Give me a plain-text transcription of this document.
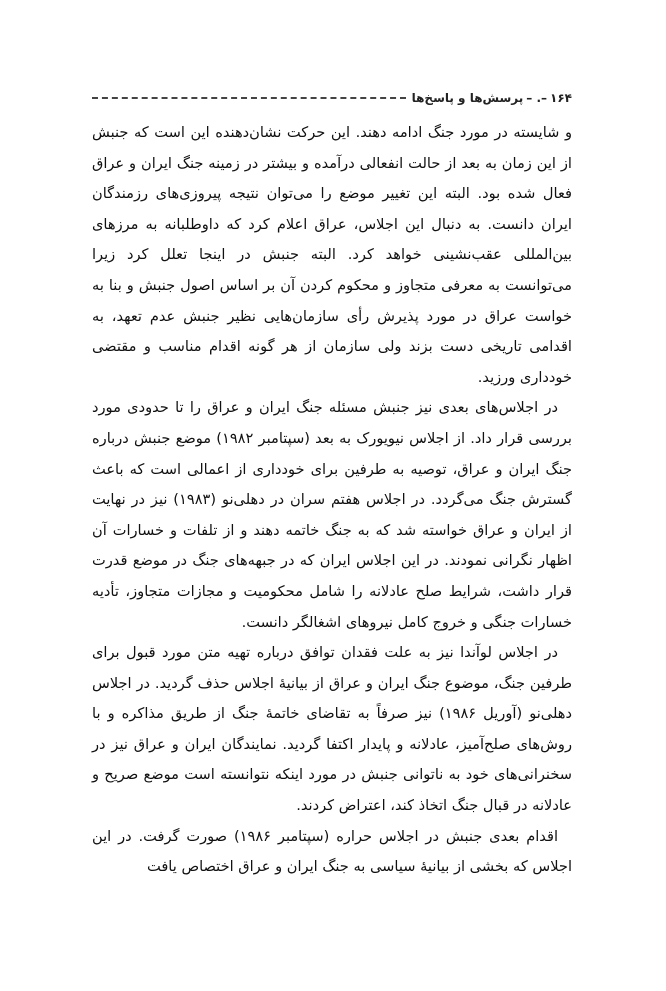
۱۶۴
–. –
پرسش‌ها و پاسخ‌ها

و شایسته در مورد جنگ ادامه دهند. این حرکت نشان‌دهنده این است که جنبش از این زمان به بعد از حالت انفعالی درآمده و بیشتر در زمینه جنگ ایران و عراق فعال شده بود. البته این تغییر موضع را می‌توان نتیجه پیروزی‌های رزمندگان ایران دانست. به دنبال این اجلاس، عراق اعلام کرد که داوطلبانه به مرزهای بین‌المللی عقب‌نشینی خواهد کرد. البته جنبش در اینجا تعلل کرد زیرا می‌توانست به معرفی متجاوز و محکوم کردن آن بر اساس اصول جنبش و بنا به خواست عراق در مورد پذیرش رأی سازمان‌هایی نظیر جنبش عدم تعهد، به اقدامی تاریخی دست بزند ولی سازمان از هر گونه اقدام مناسب و مقتضی خودداری ورزید.

در اجلاس‌های بعدی نیز جنبش مسئله جنگ ایران و عراق را تا حدودی مورد بررسی قرار داد. از اجلاس نیویورک به بعد (سپتامبر ۱۹۸۲) موضع جنبش درباره جنگ ایران و عراق، توصیه به طرفین برای خودداری از اعمالی است که باعث گسترش جنگ می‌گردد. در اجلاس هفتم سران در دهلی‌نو (۱۹۸۳) نیز در نهایت از ایران و عراق خواسته شد که به جنگ خاتمه دهند و از تلفات و خسارات آن اظهار نگرانی نمودند. در این اجلاس ایران که در جبهه‌های جنگ در موضع قدرت قرار داشت، شرایط صلح عادلانه را شامل محکومیت و مجازات متجاوز، تأدیه خسارات جنگی و خروج کامل نیروهای اشغالگر دانست.

در اجلاس لوآندا نیز به علت فقدان توافق درباره تهیه متن مورد قبول برای طرفین جنگ، موضوع جنگ ایران و عراق از بیانیهٔ اجلاس حذف گردید. در اجلاس دهلی‌نو (آوریل ۱۹۸۶) نیز صرفاً به تقاضای خاتمهٔ جنگ از طریق مذاکره و با روش‌های صلح‌آمیز، عادلانه و پایدار اکتفا گردید. نمایندگان ایران و عراق نیز در سخنرانی‌های خود به ناتوانی جنبش در مورد اینکه نتوانسته است موضع صریح و عادلانه در قبال جنگ اتخاذ کند، اعتراض کردند.

اقدام بعدی جنبش در اجلاس حراره (سپتامبر ۱۹۸۶) صورت گرفت. در این اجلاس که بخشی از بیانیهٔ سیاسی به جنگ ایران و عراق اختصاص یافت
